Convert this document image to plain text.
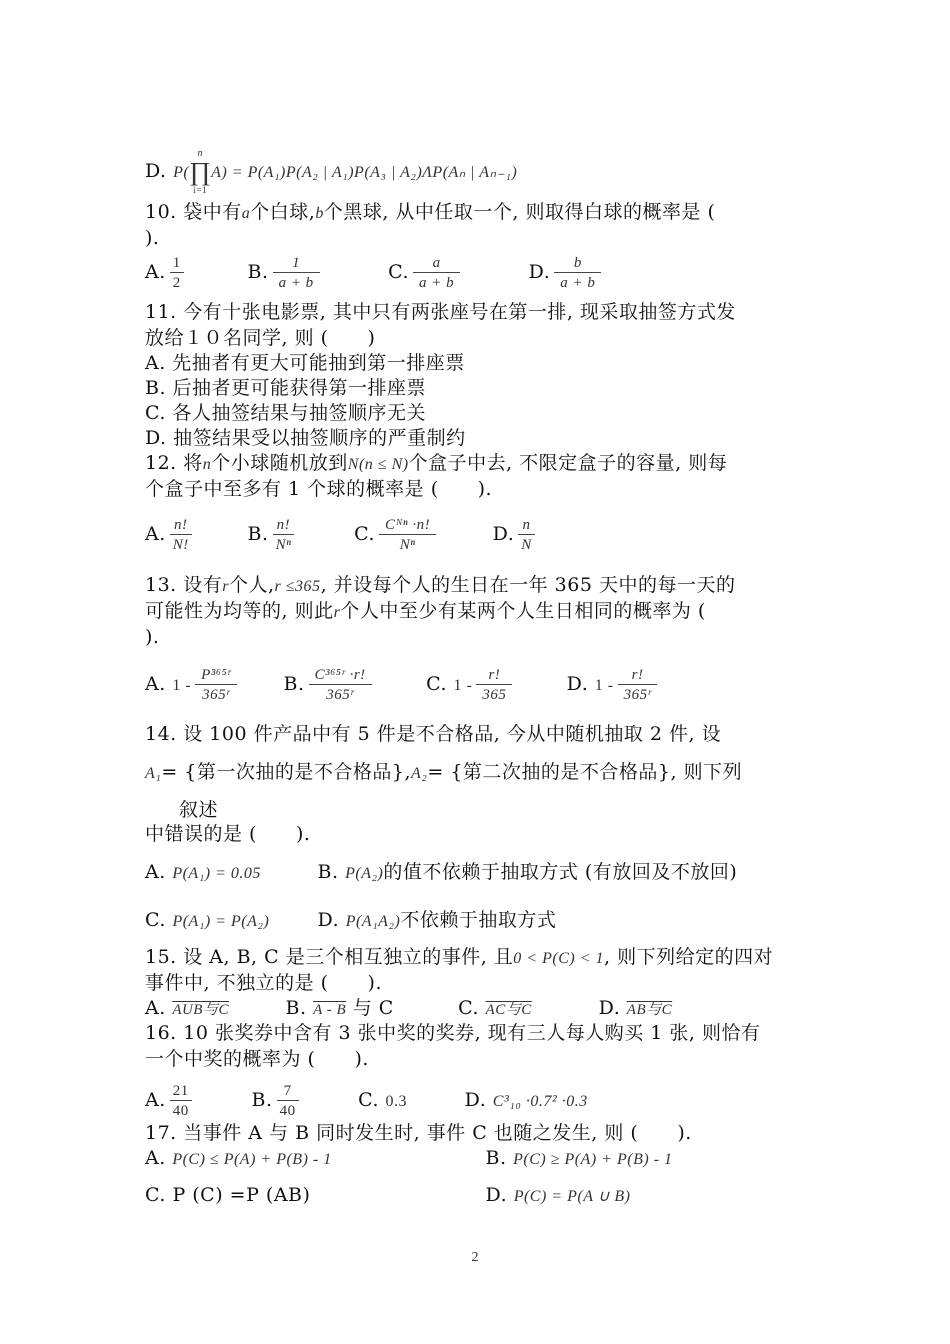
D. P(
n
∏
i=1
A) = P(A₁)P(A₂ | A₁)P(A₃ | A₂)ΛP(Aₙ | Aₙ₋₁)
10. 袋中有a个白球,b个黑球, 从中任取一个, 则取得白球的概率是 (
).
A. $\frac{1}{2}$	B. $\frac{1}{a + b}$	C. $\frac{a}{a + b}$	D. $\frac{b}{a + b}$
11. 今有十张电影票, 其中只有两张座号在第一排, 现采取抽签方式发
放给１０名同学, 则 (　　)
A. 先抽者有更大可能抽到第一排座票
B. 后抽者更可能获得第一排座票
C. 各人抽签结果与抽签顺序无关
D. 抽签结果受以抽签顺序的严重制约
12. 将n个小球随机放到N(n ≤ N)个盒子中去, 不限定盒子的容量, 则每
个盒子中至多有 1 个球的概率是 (　　).
A. $\frac{n!}{N!}$	B. $\frac{n!}{\text{Nⁿ}}$	C. $\frac{\text{Cᴺⁿ ·n!}}{\text{Nⁿ}}$	D. $\frac{n}{N}$
13. 设有r个人,r ≤365, 并设每个人的生日在一年 365 天中的每一天的
可能性为均等的, 则此r个人中至少有某两个人生日相同的概率为 (
).
A. $1 - \frac{\text{P³⁶⁵ʳ}}{\text{365ʳ}} B$. $\frac{\text{C³⁶⁵ʳ ·r!}}{\text{365ʳ}}$	C. $1 - \frac{r!}{365}$	D. $1 - \frac{r!}{\text{365ʳ}}$
14. 设 100 件产品中有 5 件是不合格品, 今从中随机抽取 2 件, 设
A₁= {第一次抽的是不合格品},A₂= {第二次抽的是不合格品}, 则下列
叙述
中错误的是 (　　).
A. P(A₁) = 0.05	B. P(A₂)的值不依赖于抽取方式 (有放回及不放回)
C. P(A₁) = P(A₂)	D. P(A₁A₂)不依赖于抽取方式
15. 设 A, B, C 是三个相互独立的事件, 且0 < P(C) < 1, 则下列给定的四对
事件中, 不独立的是 (　　).
A. AUB与C	B. A - B 与 C	C. AC与C	D. AB与C
16. 10 张奖券中含有 3 张中奖的奖券, 现有三人每人购买 1 张, 则恰有
一个中奖的概率为 (　　).
A. $\frac{21}{40}$	B. $\frac{7}{40}$	C. 0.3	D. C³₁₀ ·0.7² ·0.3
17. 当事件 A 与 B 同时发生时, 事件 C 也随之发生, 则 (　　).
A. P(C) ≤ P(A) + P(B) - 1	B. P(C) ≥ P(A) + P(B) - 1
C. P (C) =P (AB)	D. P(C) = P(A ∪ B)
2
